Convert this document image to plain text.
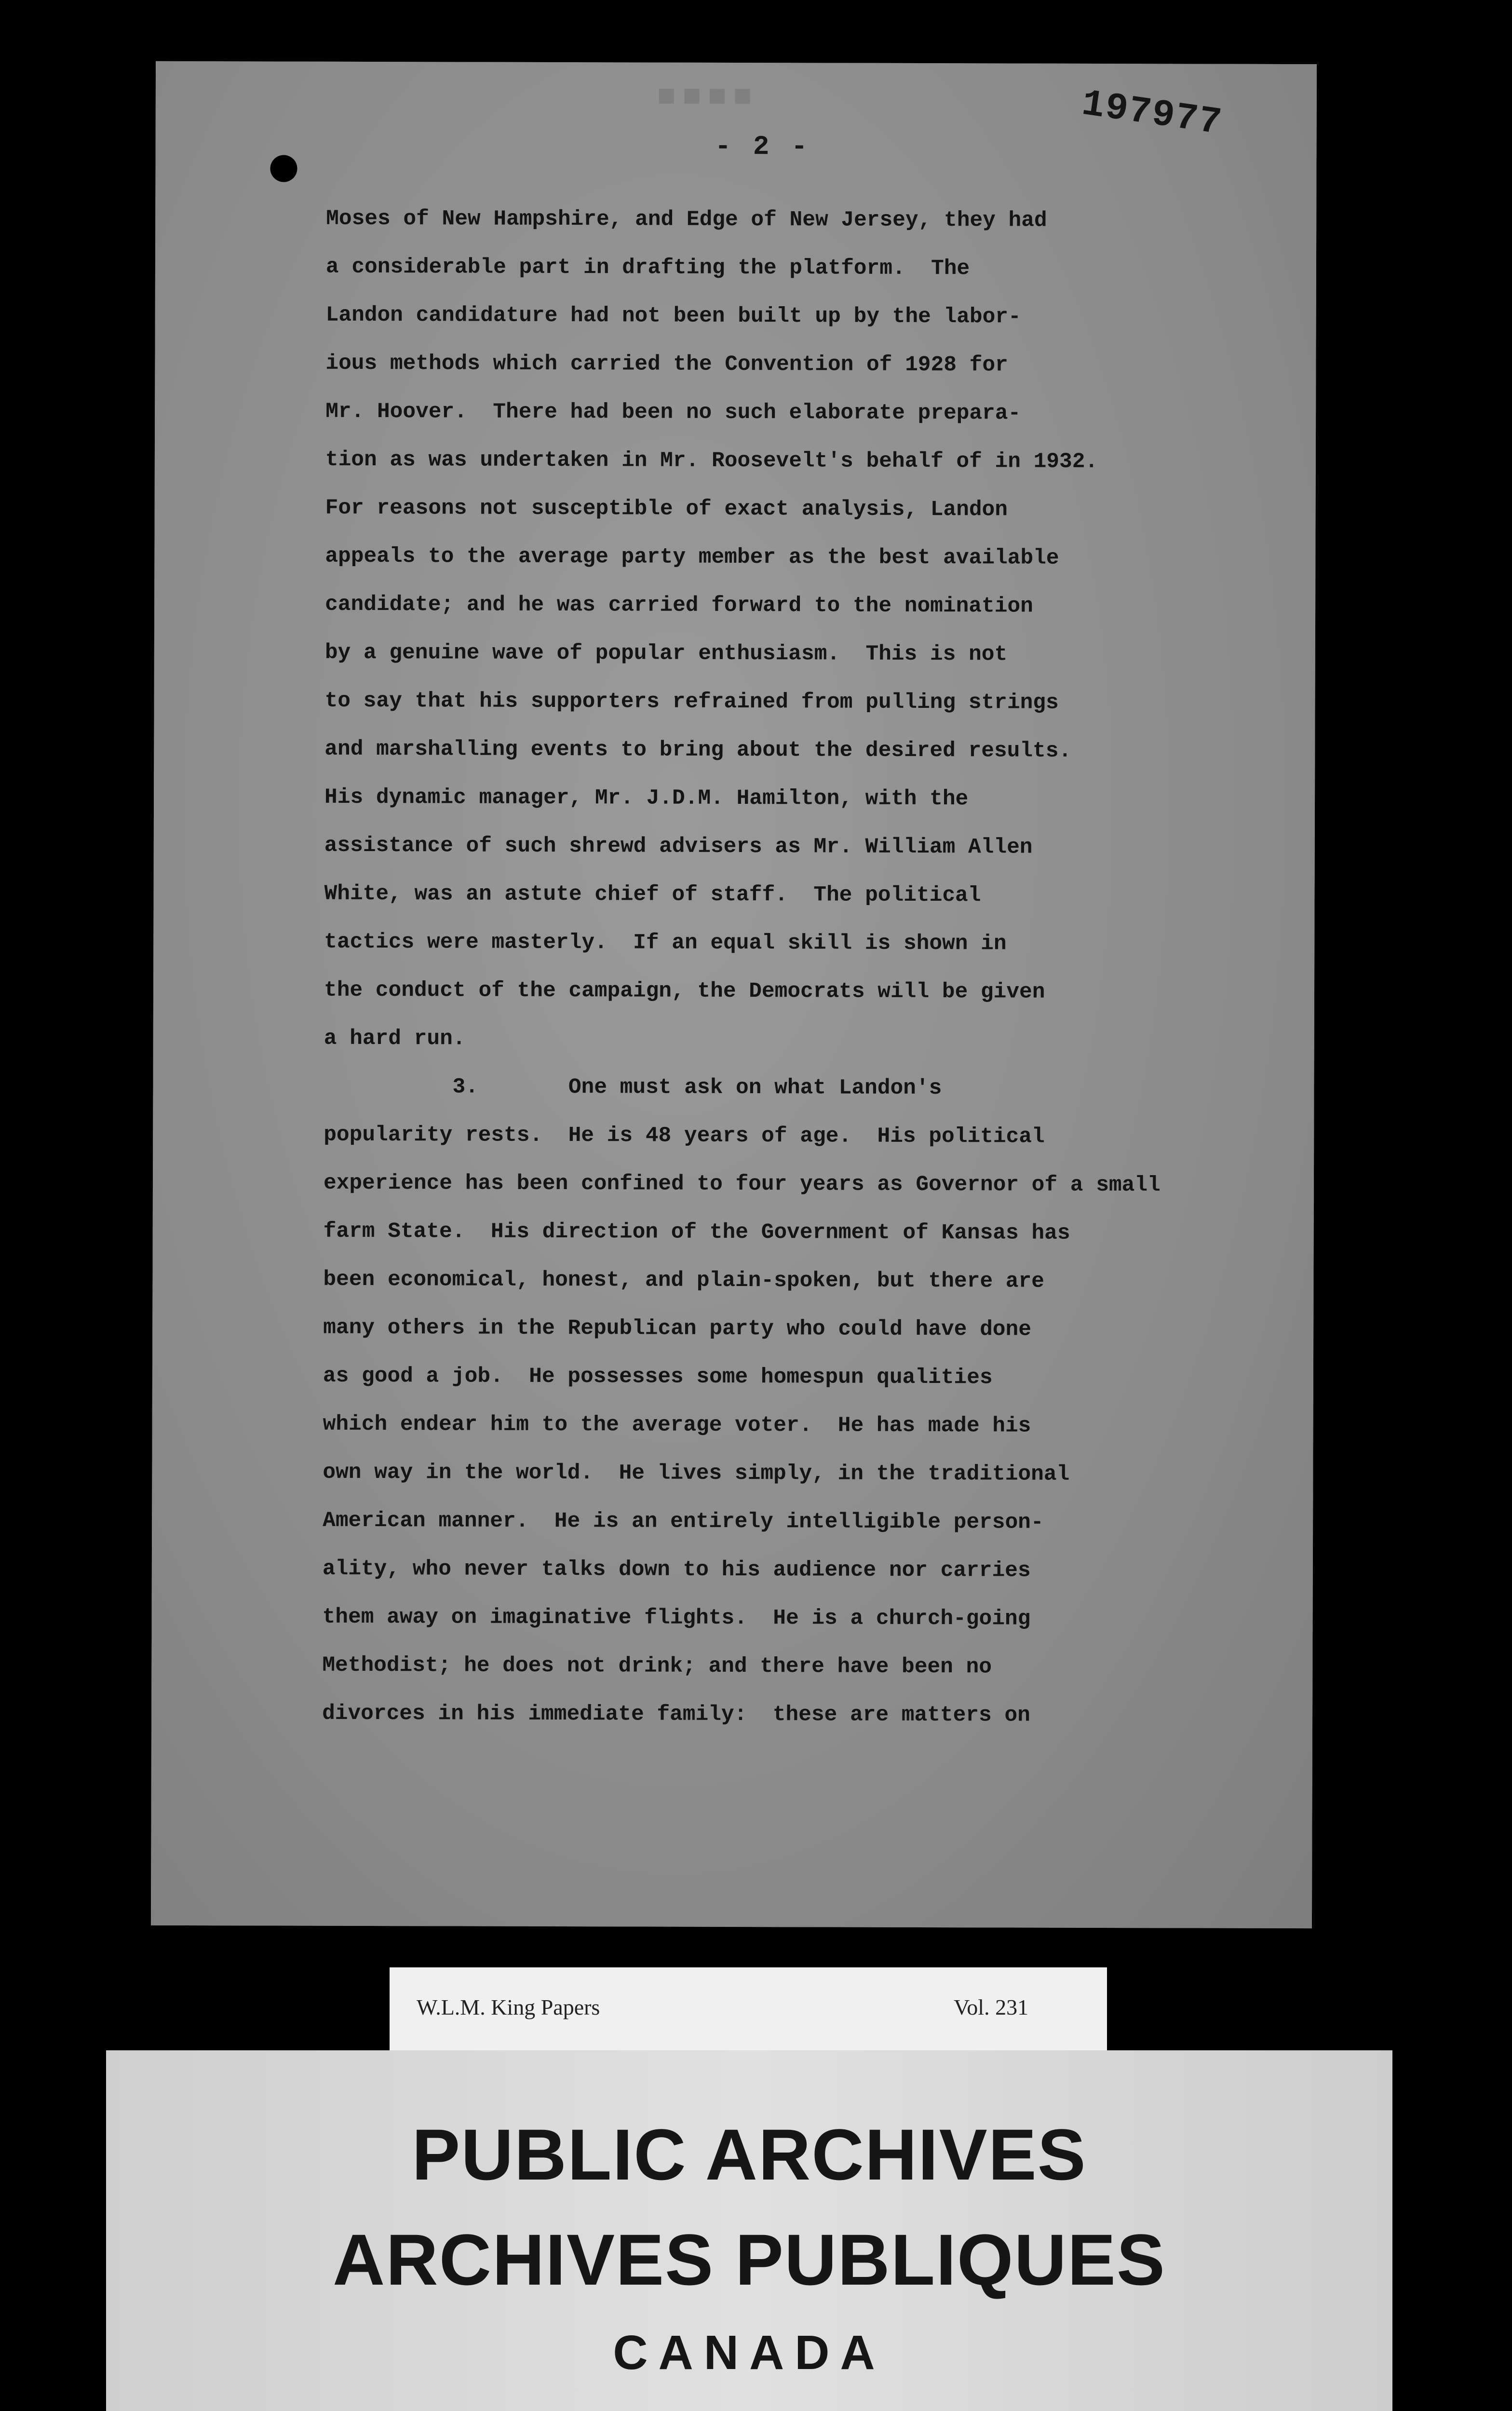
■■■■
- 2 -
197977
Moses of New Hampshire, and Edge of New Jersey, they had
a considerable part in drafting the platform.  The
Landon candidature had not been built up by the labor-
ious methods which carried the Convention of 1928 for
Mr. Hoover.  There had been no such elaborate prepara-
tion as was undertaken in Mr. Roosevelt's behalf of in 1932.
For reasons not susceptible of exact analysis, Landon
appeals to the average party member as the best available
candidate; and he was carried forward to the nomination
by a genuine wave of popular enthusiasm.  This is not
to say that his supporters refrained from pulling strings
and marshalling events to bring about the desired results.
His dynamic manager, Mr. J.D.M. Hamilton, with the
assistance of such shrewd advisers as Mr. William Allen
White, was an astute chief of staff.  The political
tactics were masterly.  If an equal skill is shown in
the conduct of the campaign, the Democrats will be given
a hard run.
3.       One must ask on what Landon's
popularity rests.  He is 48 years of age.  His political
experience has been confined to four years as Governor of a small
farm State.  His direction of the Government of Kansas has
been economical, honest, and plain-spoken, but there are
many others in the Republican party who could have done
as good a job.  He possesses some homespun qualities
which endear him to the average voter.  He has made his
own way in the world.  He lives simply, in the traditional
American manner.  He is an entirely intelligible person-
ality, who never talks down to his audience nor carries
them away on imaginative flights.  He is a church-going
Methodist; he does not drink; and there have been no
divorces in his immediate family:  these are matters on
W.L.M. King Papers	Vol. 231
PUBLIC ARCHIVES
ARCHIVES PUBLIQUES
CANADA
